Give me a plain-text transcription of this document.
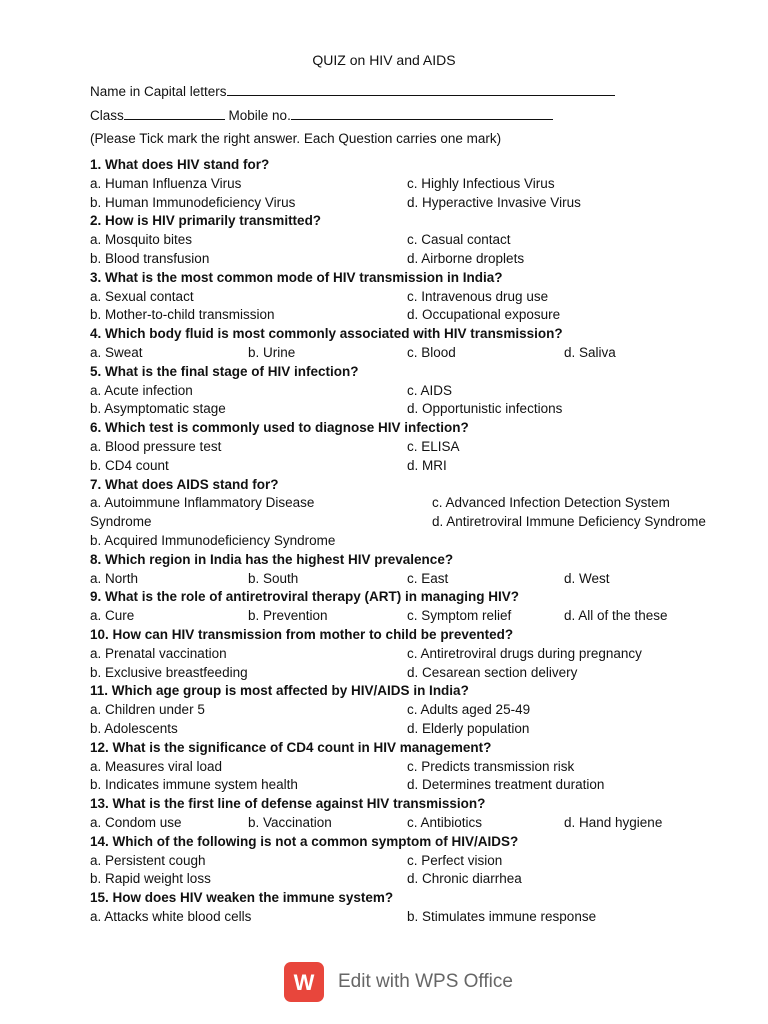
QUIZ on HIV and AIDS
Name in Capital letters
Class	Mobile no.
(Please Tick mark the right answer. Each Question carries one mark)
1. What does HIV stand for?
a. Human Influenza Virus	c. Highly Infectious Virus
b. Human Immunodeficiency Virus	d. Hyperactive Invasive Virus
2. How is HIV primarily transmitted?
a. Mosquito bites	c. Casual contact
b. Blood transfusion	d. Airborne droplets
3. What is the most common mode of HIV transmission in India?
a. Sexual contact	c. Intravenous drug use
b. Mother-to-child transmission	d. Occupational exposure
4. Which body fluid is most commonly associated with HIV transmission?
a. Sweat	b. Urine	c. Blood	d. Saliva
5. What is the final stage of HIV infection?
a. Acute infection	c. AIDS
b. Asymptomatic stage	d. Opportunistic infections
6. Which test is commonly used to diagnose HIV infection?
a. Blood pressure test	c. ELISA
b. CD4 count	d. MRI
7. What does AIDS stand for?
a. Autoimmune Inflammatory Disease	c. Advanced Infection Detection System
Syndrome	d. Antiretroviral Immune Deficiency Syndrome
b. Acquired Immunodeficiency Syndrome
8. Which region in India has the highest HIV prevalence?
a. North	b. South	c. East	d. West
9. What is the role of antiretroviral therapy (ART) in managing HIV?
a. Cure	b. Prevention	c. Symptom relief	d. All of the these
10. How can HIV transmission from mother to child be prevented?
a. Prenatal vaccination	c. Antiretroviral drugs during pregnancy
b. Exclusive breastfeeding	d. Cesarean section delivery
11. Which age group is most affected by HIV/AIDS in India?
a. Children under 5	c. Adults aged 25-49
b. Adolescents	d. Elderly population
12. What is the significance of CD4 count in HIV management?
a. Measures viral load	c. Predicts transmission risk
b. Indicates immune system health	d. Determines treatment duration
13. What is the first line of defense against HIV transmission?
a. Condom use	b. Vaccination	c. Antibiotics	d. Hand hygiene
14. Which of the following is not a common symptom of HIV/AIDS?
a. Persistent cough	c. Perfect vision
b. Rapid weight loss	d. Chronic diarrhea
15. How does HIV weaken the immune system?
a. Attacks white blood cells	b. Stimulates immune response
W Edit with WPS Office
